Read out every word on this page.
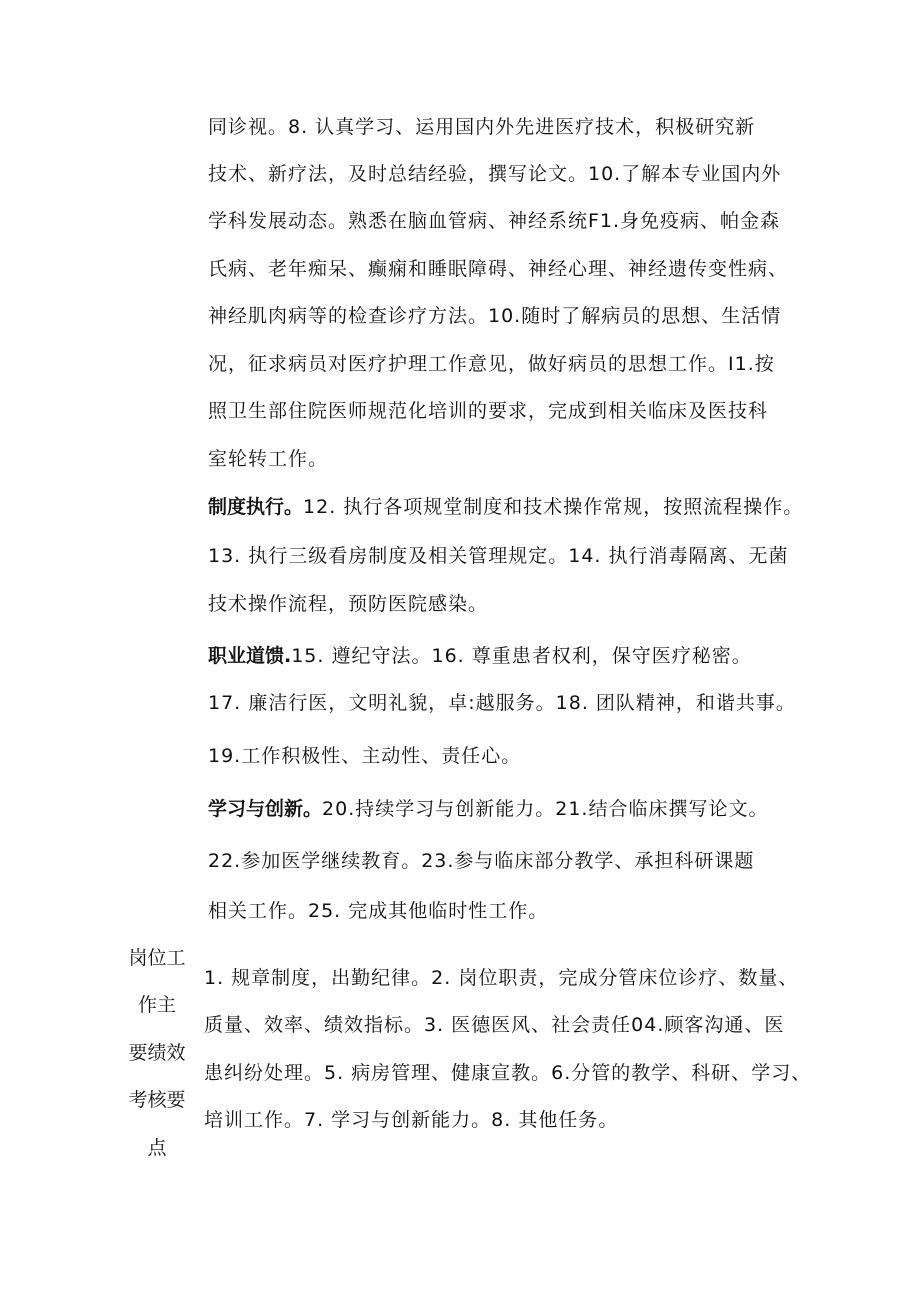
同诊视。8. 认真学习、运用国内外先进医疗技术，积极研究新
技术、新疗法，及时总结经验，撰写论文。10.了解本专业国内外
学科发展动态。熟悉在脑血管病、神经系统F1.身免疫病、帕金森
氏病、老年痴呆、癫痫和睡眠障碍、神经心理、神经遗传变性病、
神经肌肉病等的检查诊疗方法。10.随时了解病员的思想、生活情
况，征求病员对医疗护理工作意见，做好病员的思想工作。I1.按
照卫生部住院医师规范化培训的要求，完成到相关临床及医技科
室轮转工作。
制度执行。12. 执行各项规堂制度和技术操作常规，按照流程操作。
13. 执行三级看房制度及相关管理规定。14. 执行消毒隔离、无菌
技术操作流程，预防医院感染。
职业道馈.15. 遵纪守法。16. 尊重患者权利，保守医疗秘密。
17. 廉洁行医，文明礼貌，卓:越服务。18. 团队精神，和谐共事。
19.工作积极性、主动性、责任心。
学习与创新。20.持续学习与创新能力。21.结合临床撰写论文。
22.参加医学继续教育。23.参与临床部分教学、承担科研课题
相关工作。25. 完成其他临时性工作。
岗位工
作主
要绩效
考核要
点
1. 规章制度，出勤纪律。2. 岗位职责，完成分管床位诊疗、数量、
质量、效率、绩效指标。3. 医德医风、社会责任04.顾客沟通、医
患纠纷处理。5. 病房管理、健康宣教。6.分管的教学、科研、学习、
培训工作。7. 学习与创新能力。8. 其他任务。
